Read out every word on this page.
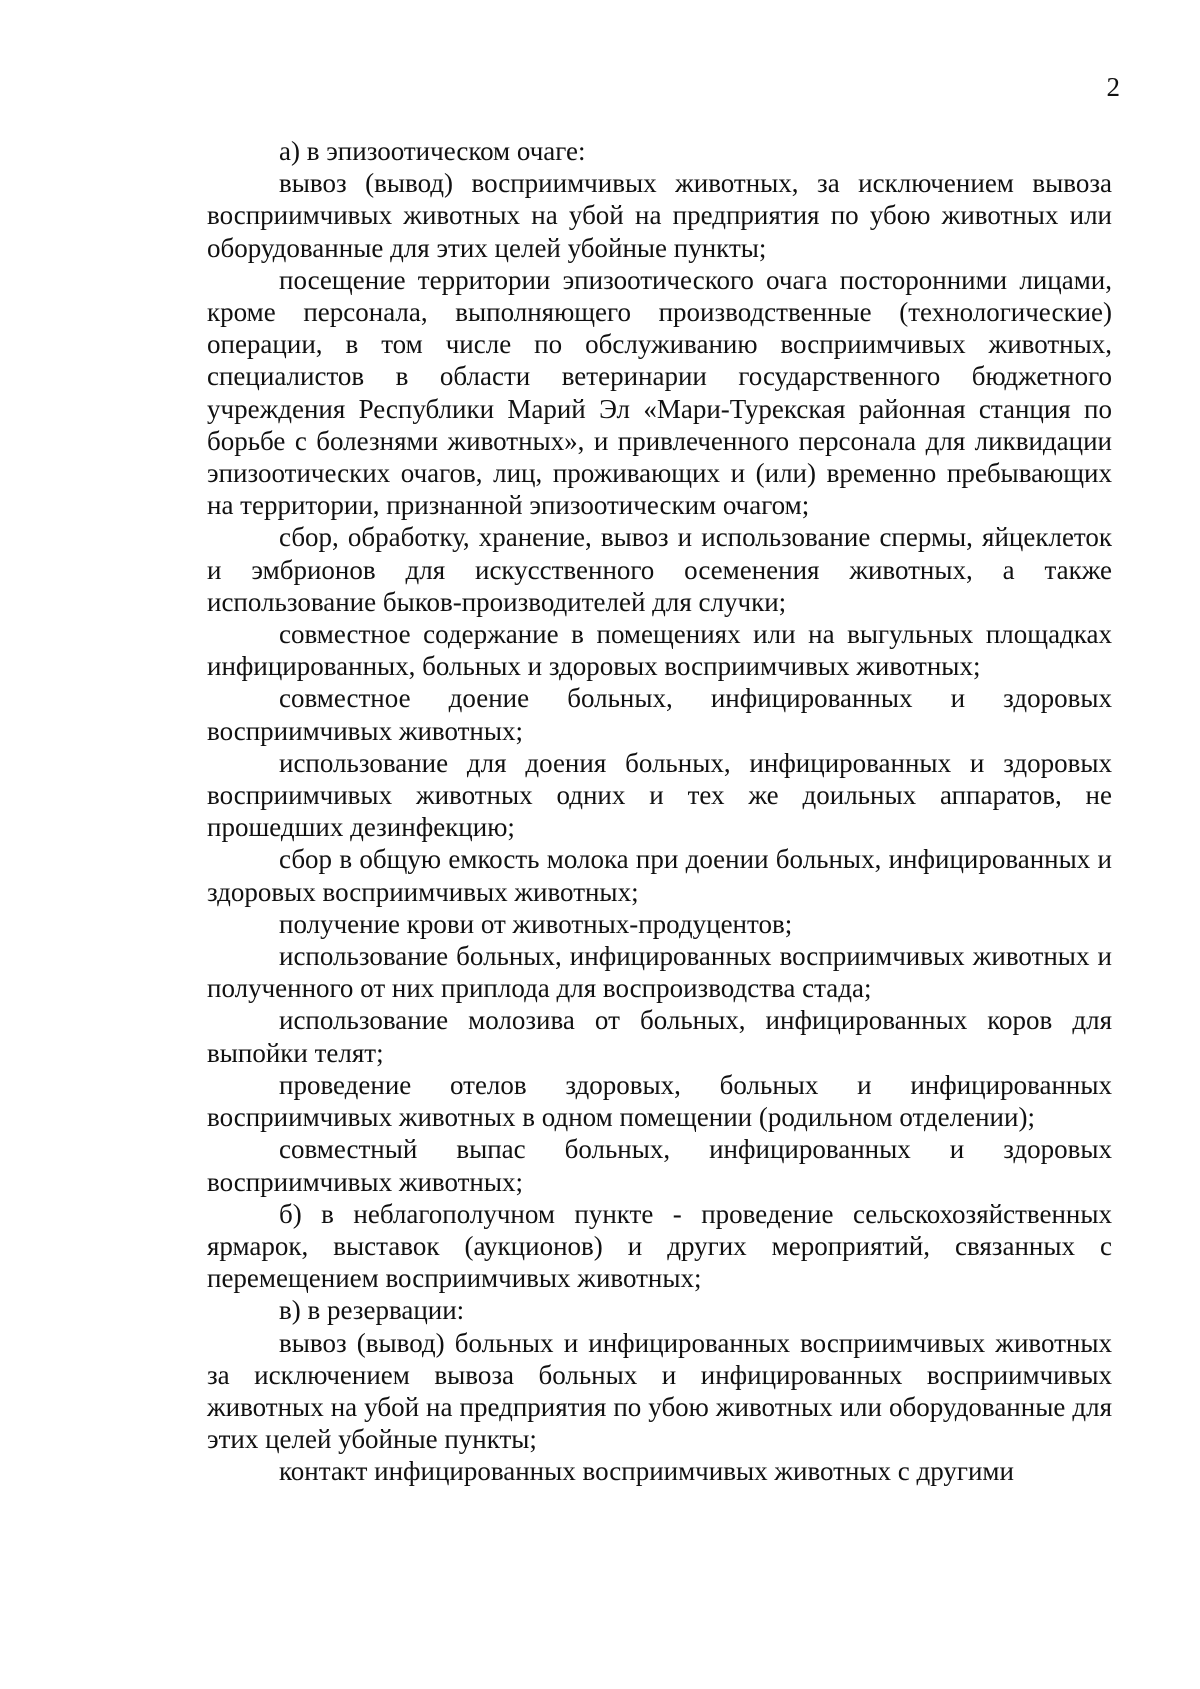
2

а) в эпизоотическом очаге:

вывоз (вывод) восприимчивых животных, за исключением вывоза восприимчивых животных на убой на предприятия по убою животных или оборудованные для этих целей убойные пункты;

посещение территории эпизоотического очага посторонними лицами, кроме персонала, выполняющего производственные (технологические) операции, в том числе по обслуживанию восприимчивых животных, специалистов в области ветеринарии государственного бюджетного учреждения Республики Марий Эл «Мари-Турекская районная станция по борьбе с болезнями животных», и привлеченного персонала для ликвидации эпизоотических очагов, лиц, проживающих и (или) временно пребывающих на территории, признанной эпизоотическим очагом;

сбор, обработку, хранение, вывоз и использование спермы, яйцеклеток и эмбрионов для искусственного осеменения животных, а также использование быков-производителей для случки;

совместное содержание в помещениях или на выгульных площадках инфицированных, больных и здоровых восприимчивых животных;

совместное доение больных, инфицированных и здоровых восприимчивых животных;

использование для доения больных, инфицированных и здоровых восприимчивых животных одних и тех же доильных аппаратов, не прошедших дезинфекцию;

сбор в общую емкость молока при доении больных, инфицированных и здоровых восприимчивых животных;

получение крови от животных-продуцентов;

использование больных, инфицированных восприимчивых животных и полученного от них приплода для воспроизводства стада;

использование молозива от больных, инфицированных коров для выпойки телят;

проведение отелов здоровых, больных и инфицированных восприимчивых животных в одном помещении (родильном отделении);

совместный выпас больных, инфицированных и здоровых восприимчивых животных;

б) в неблагополучном пункте - проведение сельскохозяйственных ярмарок, выставок (аукционов) и других мероприятий, связанных с перемещением восприимчивых животных;

в) в резервации:

вывоз (вывод) больных и инфицированных восприимчивых животных за исключением вывоза больных и инфицированных восприимчивых животных на убой на предприятия по убою животных или оборудованные для этих целей убойные пункты;

контакт инфицированных восприимчивых животных с другими
